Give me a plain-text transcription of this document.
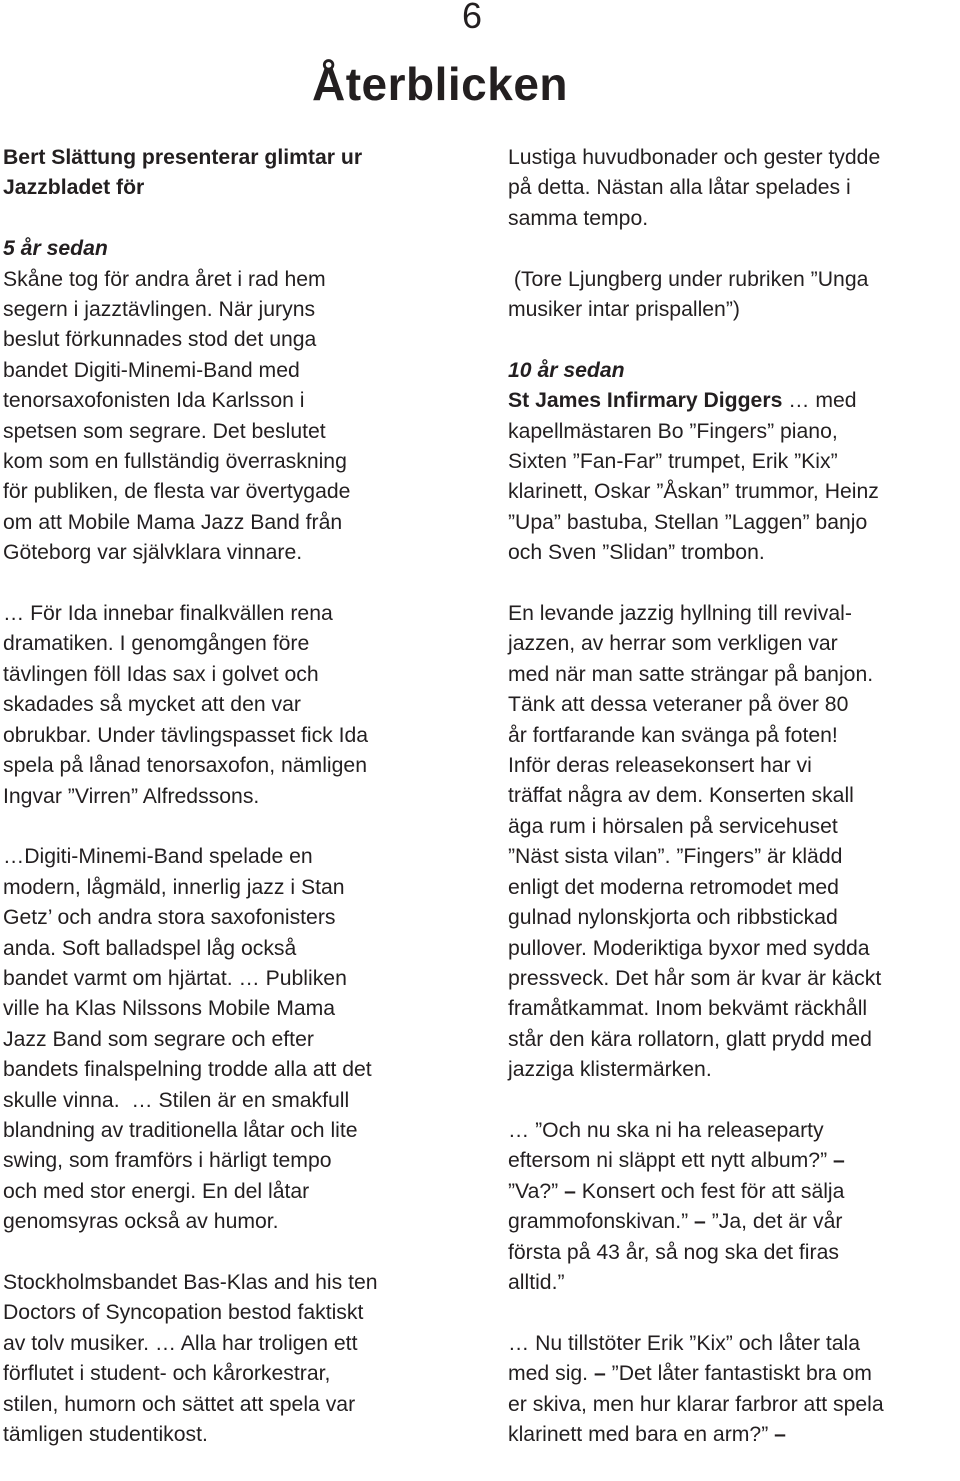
6
Återblicken

Bert Slättung presenterar glimtar ur
Jazzbladet för

5 år sedan

Skåne tog för andra året i rad hem
segern i jazztävlingen. När juryns
beslut förkunnades stod det unga
bandet Digiti-Minemi-Band med
tenorsaxofonisten Ida Karlsson i
spetsen som segrare. Det beslutet
kom som en fullständig överraskning
för publiken, de flesta var övertygade
om att Mobile Mama Jazz Band från
Göteborg var självklara vinnare.

… För Ida innebar finalkvällen rena
dramatiken. I genomgången före
tävlingen föll Idas sax i golvet och
skadades så mycket att den var
obrukbar. Under tävlingspasset fick Ida
spela på lånad tenorsaxofon, nämligen
Ingvar ”Virren” Alfredssons.

…Digiti-Minemi-Band spelade en
modern, lågmäld, innerlig jazz i Stan
Getz’ och andra stora saxofonisters
anda. Soft balladspel låg också
bandet varmt om hjärtat. … Publiken
ville ha Klas Nilssons Mobile Mama
Jazz Band som segrare och efter
bandets finalspelning trodde alla att det
skulle vinna.  … Stilen är en smakfull
blandning av traditionella låtar och lite
swing, som framförs i härligt tempo
och med stor energi. En del låtar
genomsyras också av humor.

Stockholmsbandet Bas-Klas and his ten
Doctors of Syncopation bestod faktiskt
av tolv musiker. … Alla har troligen ett
förflutet i student- och kårorkestrar,
stilen, humorn och sättet att spela var
tämligen studentikost.

Lustiga huvudbonader och gester tydde
på detta. Nästan alla låtar spelades i
samma tempo.

(Tore Ljungberg under rubriken ”Unga
musiker intar prispallen”)

10 år sedan

St James Infirmary Diggers … med
kapellmästaren Bo ”Fingers” piano,
Sixten ”Fan-Far” trumpet, Erik ”Kix”
klarinett, Oskar ”Åskan” trummor, Heinz
”Upa” bastuba, Stellan ”Laggen” banjo
och Sven ”Slidan” trombon.

En levande jazzig hyllning till revival-
jazzen, av herrar som verkligen var
med när man satte strängar på banjon.
Tänk att dessa veteraner på över 80
år fortfarande kan svänga på foten!
Inför deras releasekonsert har vi
träffat några av dem. Konserten skall
äga rum i hörsalen på servicehuset
”Näst sista vilan”. ”Fingers” är klädd
enligt det moderna retromodet med
gulnad nylonskjorta och ribbstickad
pullover. Moderiktiga byxor med sydda
pressveck. Det hår som är kvar är käckt
framåtkammat. Inom bekvämt räckhåll
står den kära rollatorn, glatt prydd med
jazziga klistermärken.

… ”Och nu ska ni ha releaseparty
eftersom ni släppt ett nytt album?” –
”Va?” – Konsert och fest för att sälja
grammofonskivan.” – ”Ja, det är vår
första på 43 år, så nog ska det firas
alltid.”

… Nu tillstöter Erik ”Kix” och låter tala
med sig. – ”Det låter fantastiskt bra om
er skiva, men hur klarar farbror att spela
klarinett med bara en arm?” –
